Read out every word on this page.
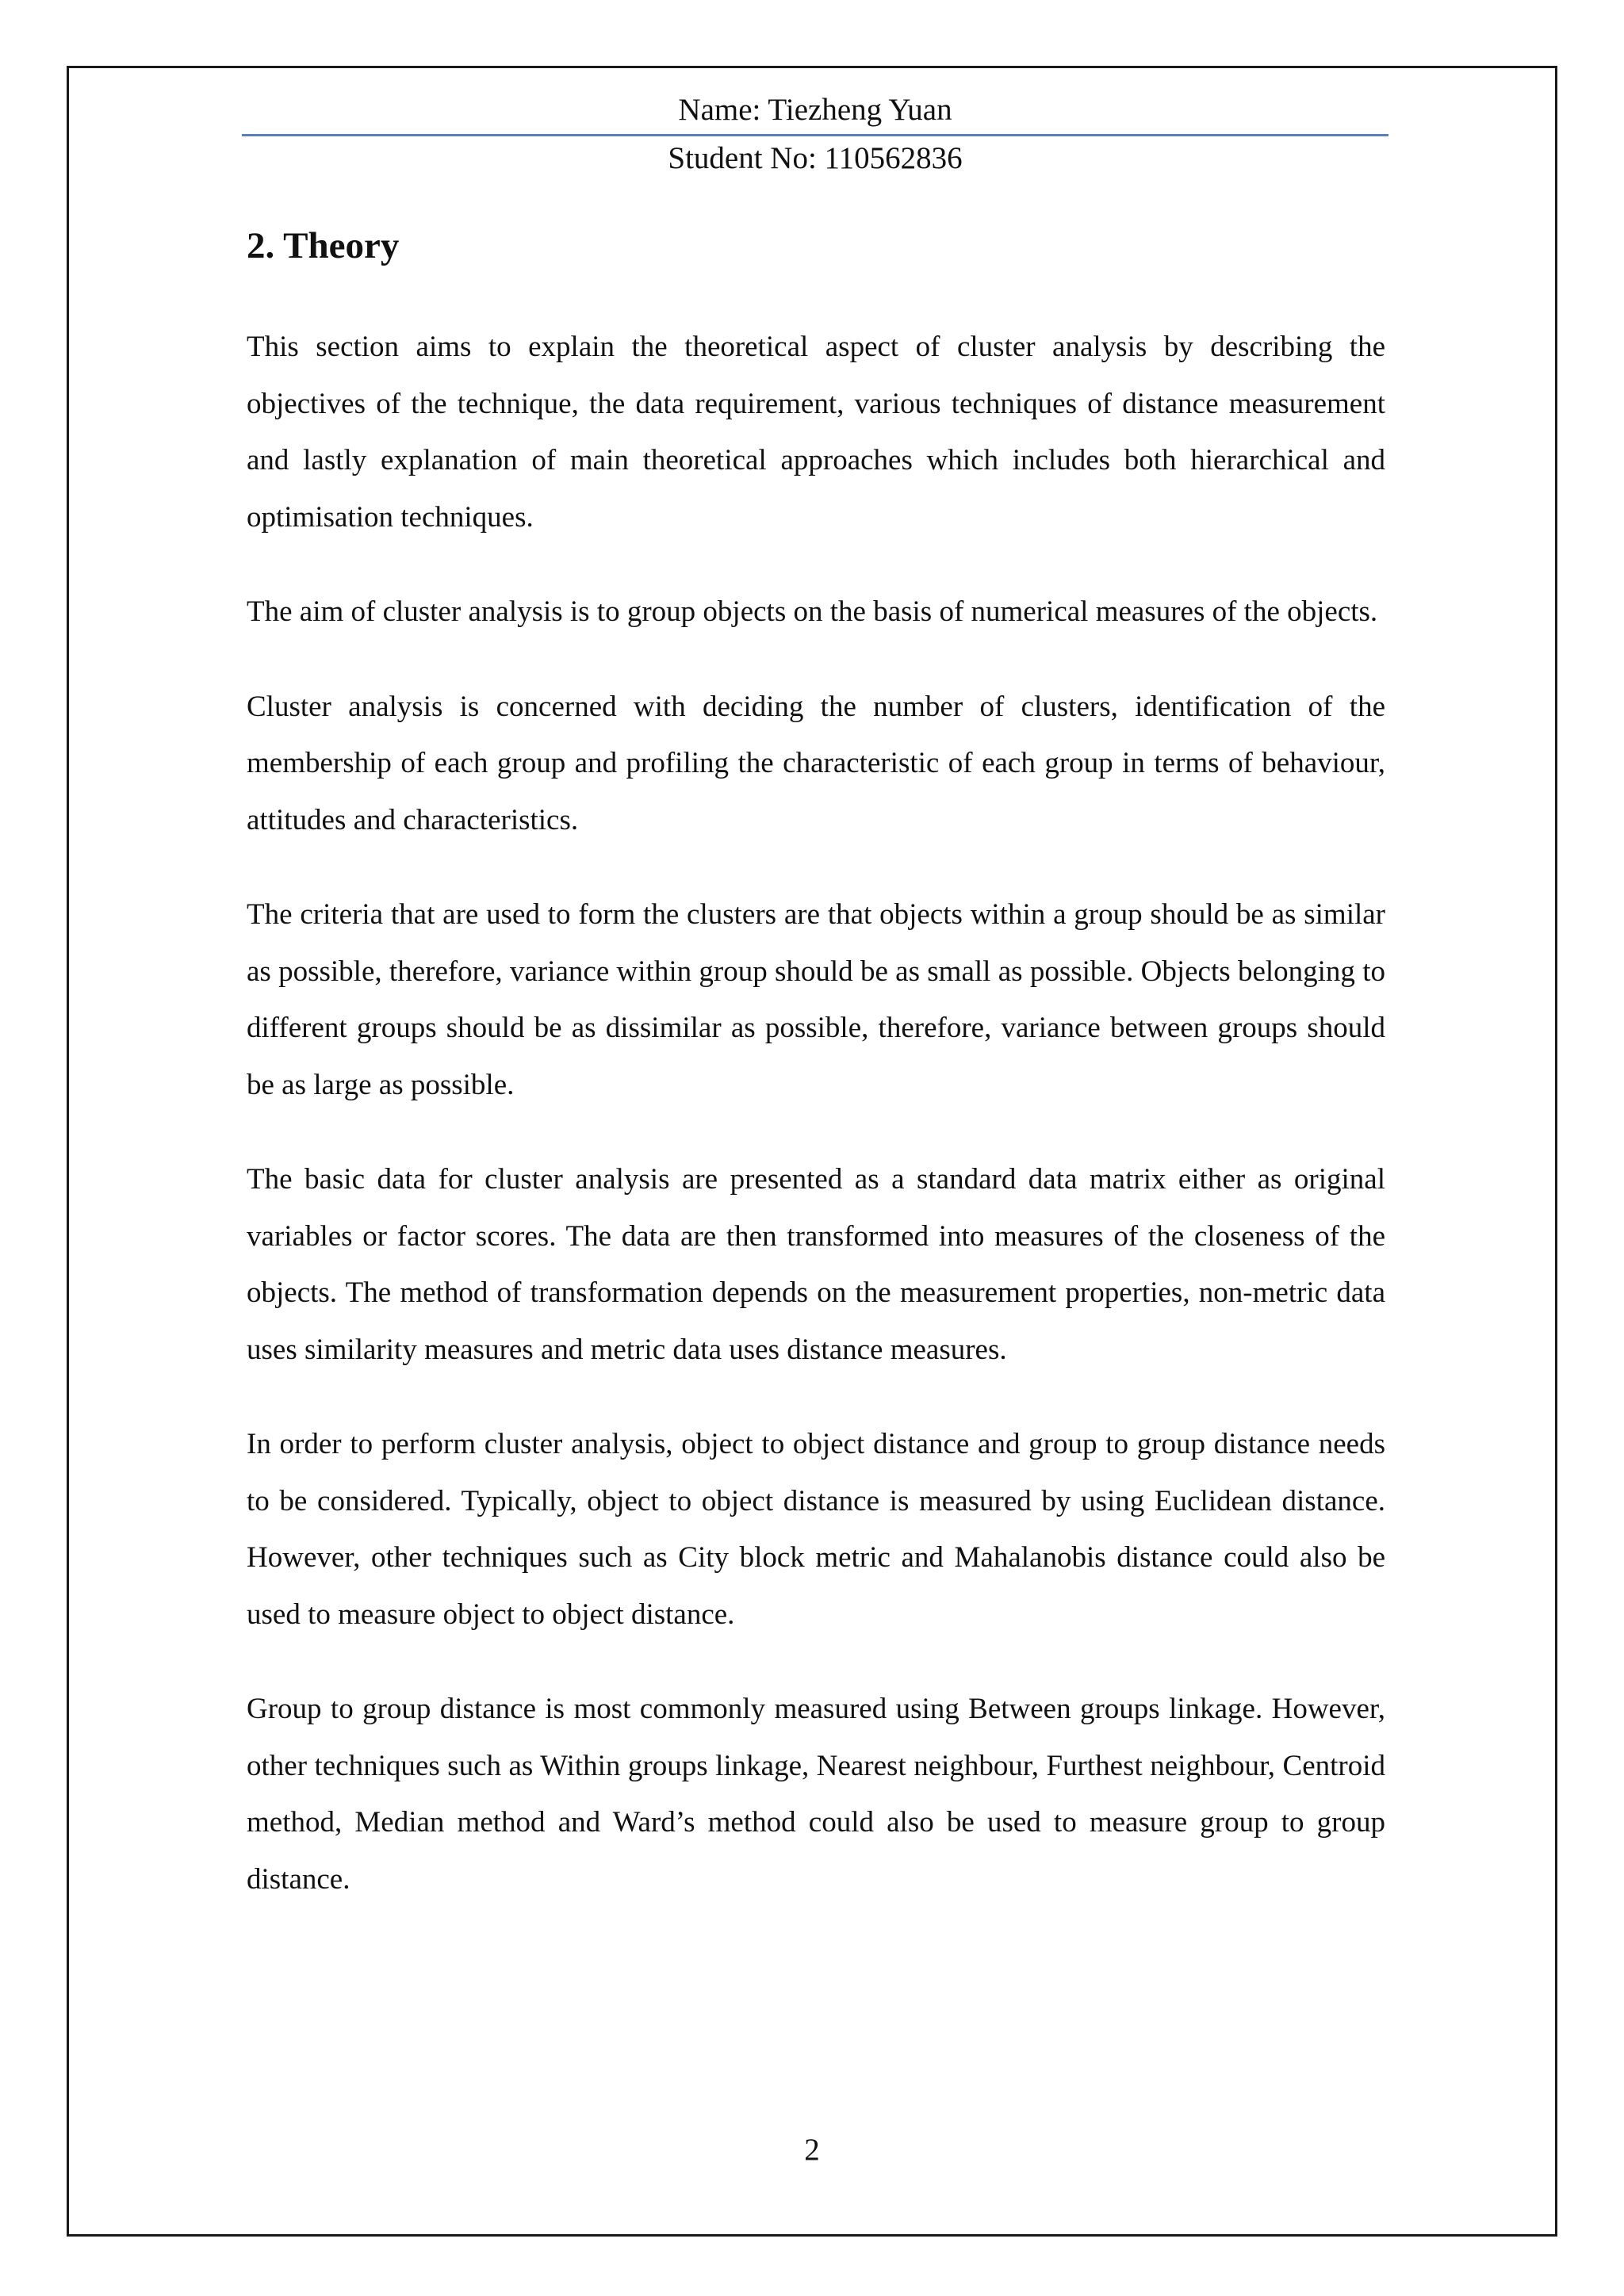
Name: Tiezheng Yuan
Student No: 110562836
2. Theory

This section aims to explain the theoretical aspect of cluster analysis by describing the objectives of the technique, the data requirement, various techniques of distance measurement and lastly explanation of main theoretical approaches which includes both hierarchical and optimisation techniques.

The aim of cluster analysis is to group objects on the basis of numerical measures of the objects.

Cluster analysis is concerned with deciding the number of clusters, identification of the membership of each group and profiling the characteristic of each group in terms of behaviour, attitudes and characteristics.

The criteria that are used to form the clusters are that objects within a group should be as similar as possible, therefore, variance within group should be as small as possible. Objects belonging to different groups should be as dissimilar as possible, therefore, variance between groups should be as large as possible.

The basic data for cluster analysis are presented as a standard data matrix either as original variables or factor scores. The data are then transformed into measures of the closeness of the objects. The method of transformation depends on the measurement properties, non-metric data uses similarity measures and metric data uses distance measures.

In order to perform cluster analysis, object to object distance and group to group distance needs to be considered. Typically, object to object distance is measured by using Euclidean distance. However, other techniques such as City block metric and Mahalanobis distance could also be used to measure object to object distance.

Group to group distance is most commonly measured using Between groups linkage. However, other techniques such as Within groups linkage, Nearest neighbour, Furthest neighbour, Centroid method, Median method and Ward’s method could also be used to measure group to group distance.

2
